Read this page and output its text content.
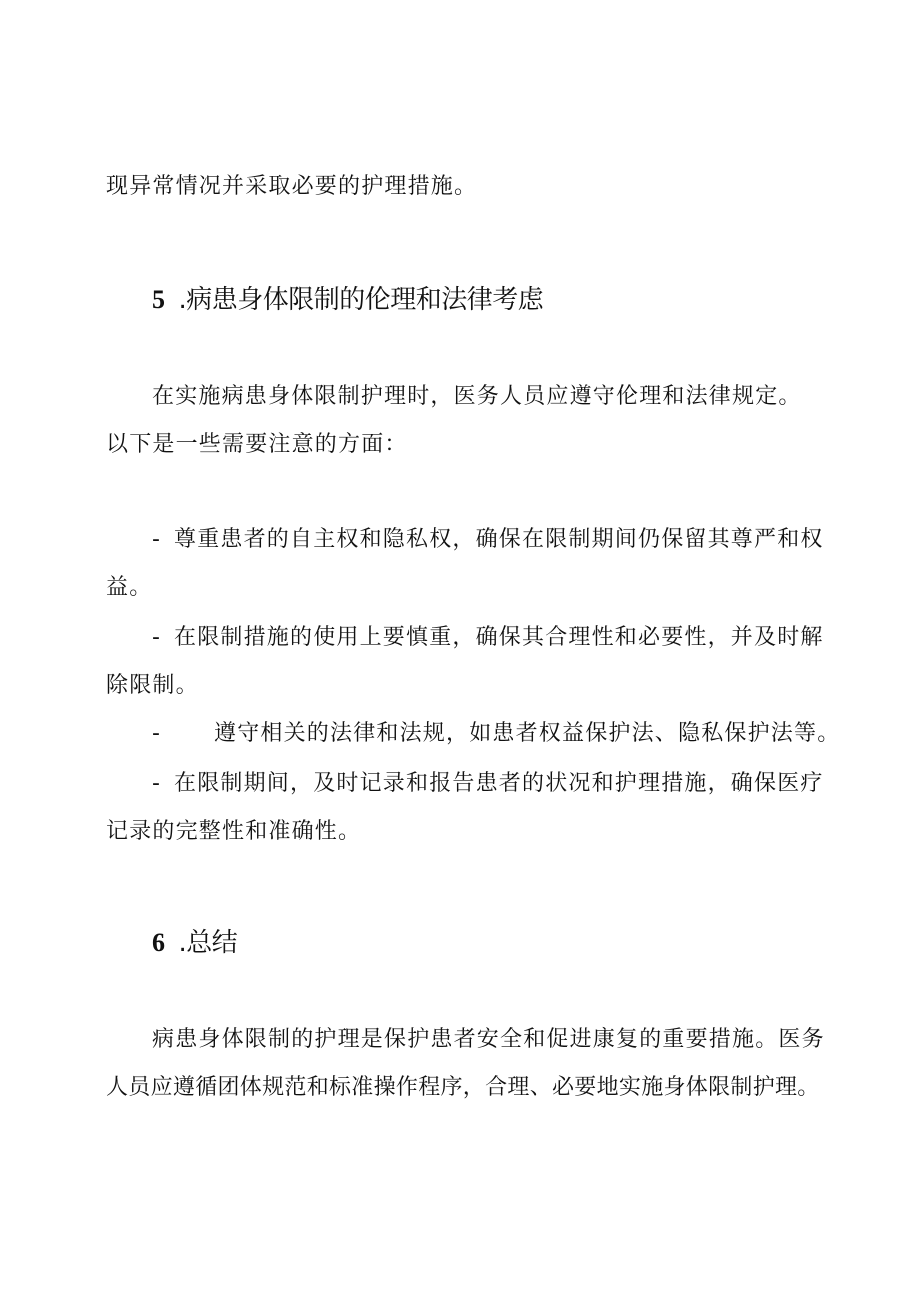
现异常情况并采取必要的护理措施。
5 .病患身体限制的伦理和法律考虑
在实施病患身体限制护理时，医务人员应遵守伦理和法律规定。
以下是一些需要注意的方面：
- 尊重患者的自主权和隐私权，确保在限制期间仍保留其尊严和权
益。
- 在限制措施的使用上要慎重，确保其合理性和必要性，并及时解
除限制。
- 遵守相关的法律和法规，如患者权益保护法、隐私保护法等。
- 在限制期间，及时记录和报告患者的状况和护理措施，确保医疗
记录的完整性和准确性。
6 .总结
病患身体限制的护理是保护患者安全和促进康复的重要措施。医务
人员应遵循团体规范和标准操作程序，合理、必要地实施身体限制护理。
